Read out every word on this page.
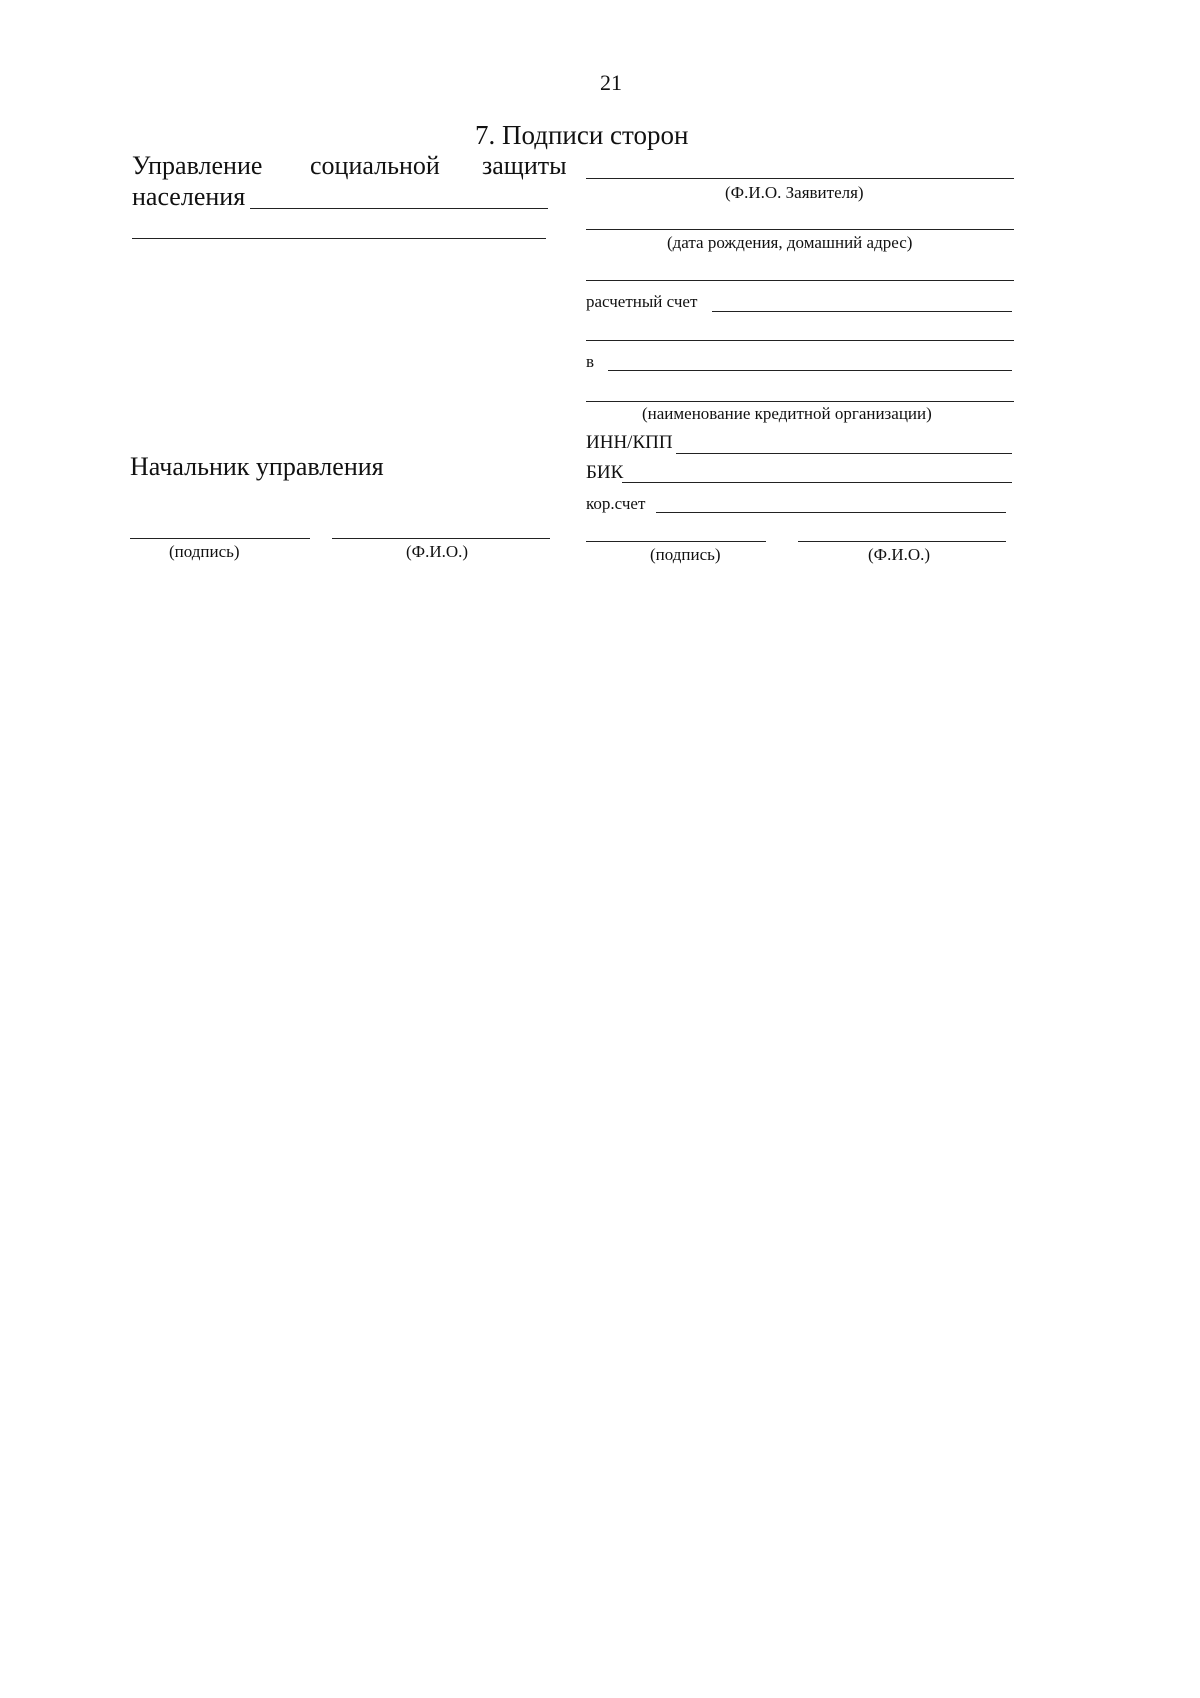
21
7. Подписи сторон
Управление социальной защиты
населения
Начальник управления
(подпись)	(Ф.И.О.)
(Ф.И.О. Заявителя)
(дата рождения, домашний адрес)
расчетный счет
в
(наименование кредитной организации)
ИНН/КПП
БИК
кор.счет
(подпись)	(Ф.И.О.)
